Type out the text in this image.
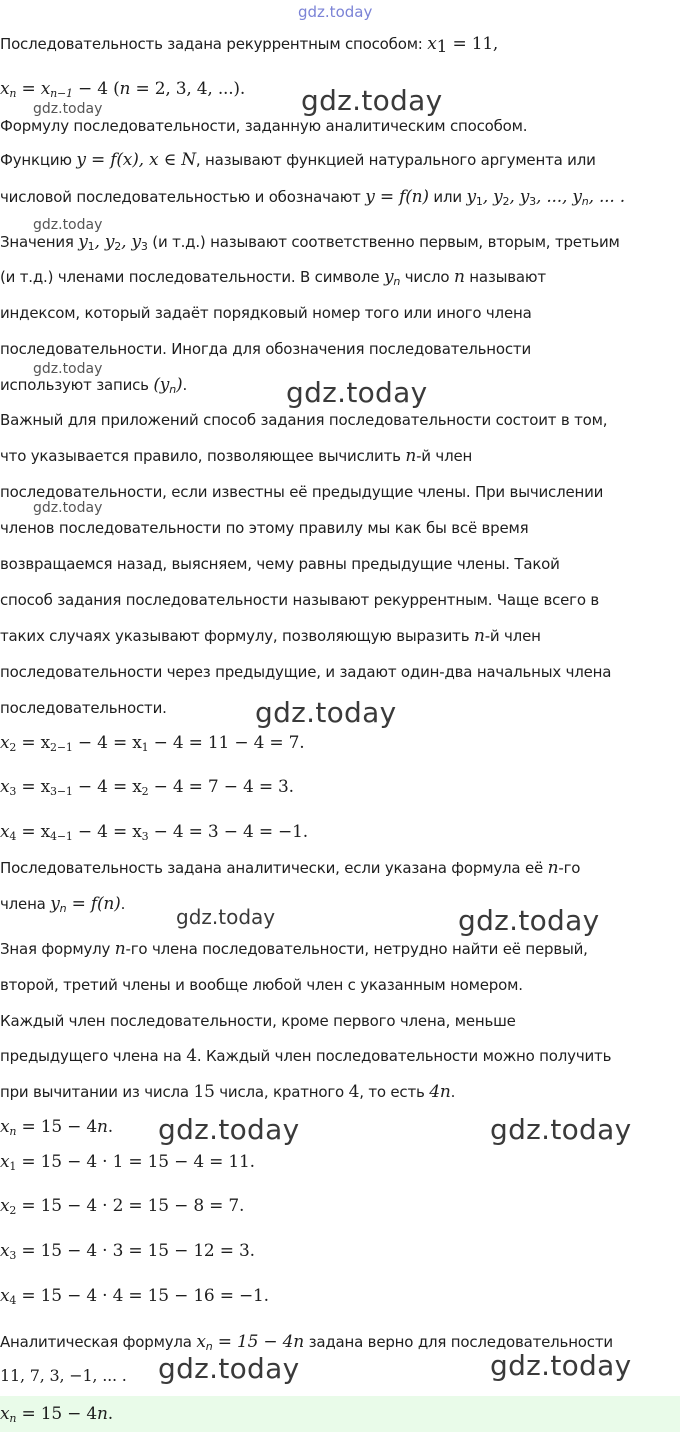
gdz.today
Последовательность задана рекуррентным способом: $x_1 = 11$,
$x_n = x_{n-1} - 4$ (n = 2, 3, 4, ...). gdz.today
gdz.today
Формулу последовательности, заданную аналитическим способом.
Функцию y = f(x), x ∈ N, называют функцией натурального аргумента или
числовой последовательностью и обозначают y = f(n) или $y_1$, $y_2$, $y_3$, ..., $y_n$, ... .
gdz.today
Значения $y_1$, $y_2$, $y_3$ (и т.д.) называют соответственно первым, вторым, третьим
(и т.д.) членами последовательности. В символе $y_n$ число n называют
индексом, который задаёт порядковый номер того или иного члена
последовательности. Иногда для обозначения последовательности
gdz.today
используют запись $(y_n)$.	gdz.today
Важный для приложений способ задания последовательности состоит в том,
что указывается правило, позволяющее вычислить n-й член
последовательности, если известны её предыдущие члены. При вычислении
gdz.today
членов последовательности по этому правилу мы как бы всё время
возвращаемся назад, выясняем, чему равны предыдущие члены. Такой
способ задания последовательности называют рекуррентным. Чаще всего в
таких случаях указывают формулу, позволяющую выразить n-й член
последовательности через предыдущие, и задают один-два начальных члена
последовательности.	gdz.today
$x_2 = x_{2-1} - 4 = x_1 - 4 = 11 - 4 = 7$.
$x_3 = x_{3-1} - 4 = x_2 - 4 = 7 - 4 = 3$.
$x_4 = x_{4-1} - 4 = x_3 - 4 = 3 - 4 = -1$.
Последовательность задана аналитически, если указана формула её n-го
члена $y_n = f(n)$.
gdz.today	gdz.today
Зная формулу n-го члена последовательности, нетрудно найти её первый,
второй, третий члены и вообще любой член с указанным номером.
Каждый член последовательности, кроме первого члена, меньше
предыдущего члена на 4. Каждый член последовательности можно получить
при вычитании из числа 15 числа, кратного 4, то есть 4n.
$x_n = 15 - 4n$. gdz.today	gdz.today
$x_1 = 15 - 4 \cdot 1 = 15 - 4 = 11$.
$x_2 = 15 - 4 \cdot 2 = 15 - 8 = 7$.
$x_3 = 15 - 4 \cdot 3 = 15 - 12 = 3$.
$x_4 = 15 - 4 \cdot 4 = 15 - 16 = -1$.
Аналитическая формула $x_n = 15 - 4n$ задана верно для последовательности
11, 7, 3, −1, ... . gdz.today	gdz.today
$x_n = 15 - 4n$.
